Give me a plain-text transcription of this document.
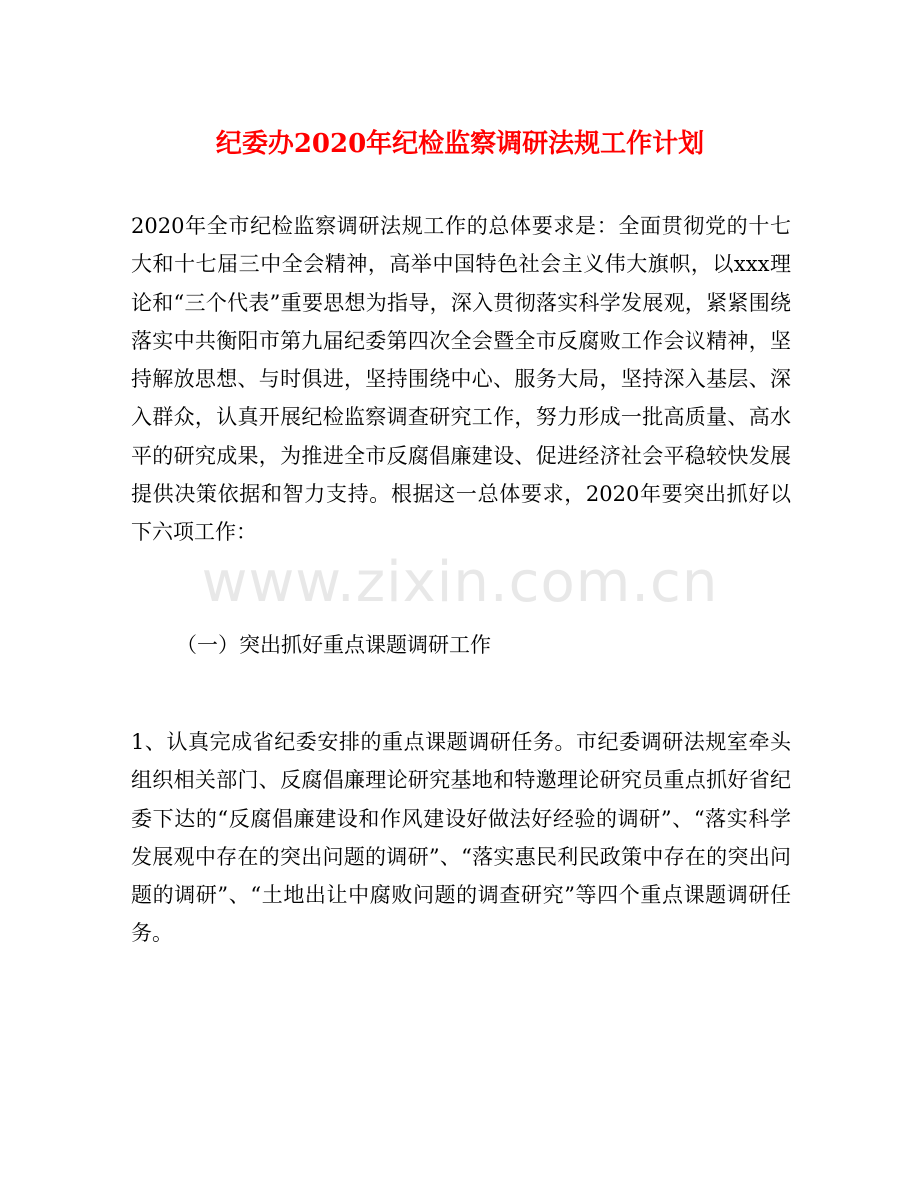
纪委办2020年纪检监察调研法规工作计划

2020年全市纪检监察调研法规工作的总体要求是：全面贯彻党的十七大和十七届三中全会精神，高举中国特色社会主义伟大旗帜，以xxx理论和“三个代表”重要思想为指导，深入贯彻落实科学发展观，紧紧围绕落实中共衡阳市第九届纪委第四次全会暨全市反腐败工作会议精神，坚持解放思想、与时俱进，坚持围绕中心、服务大局，坚持深入基层、深入群众，认真开展纪检监察调查研究工作，努力形成一批高质量、高水平的研究成果，为推进全市反腐倡廉建设、促进经济社会平稳较快发展提供决策依据和智力支持。根据这一总体要求，2020年要突出抓好以下六项工作：

（一）突出抓好重点课题调研工作

1、认真完成省纪委安排的重点课题调研任务。市纪委调研法规室牵头组织相关部门、反腐倡廉理论研究基地和特邀理论研究员重点抓好省纪委下达的“反腐倡廉建设和作风建设好做法好经验的调研”、“落实科学发展观中存在的突出问题的调研”、“落实惠民利民政策中存在的突出问题的调研”、“土地出让中腐败问题的调查研究”等四个重点课题调研任务。

www.zixin.com.cn
